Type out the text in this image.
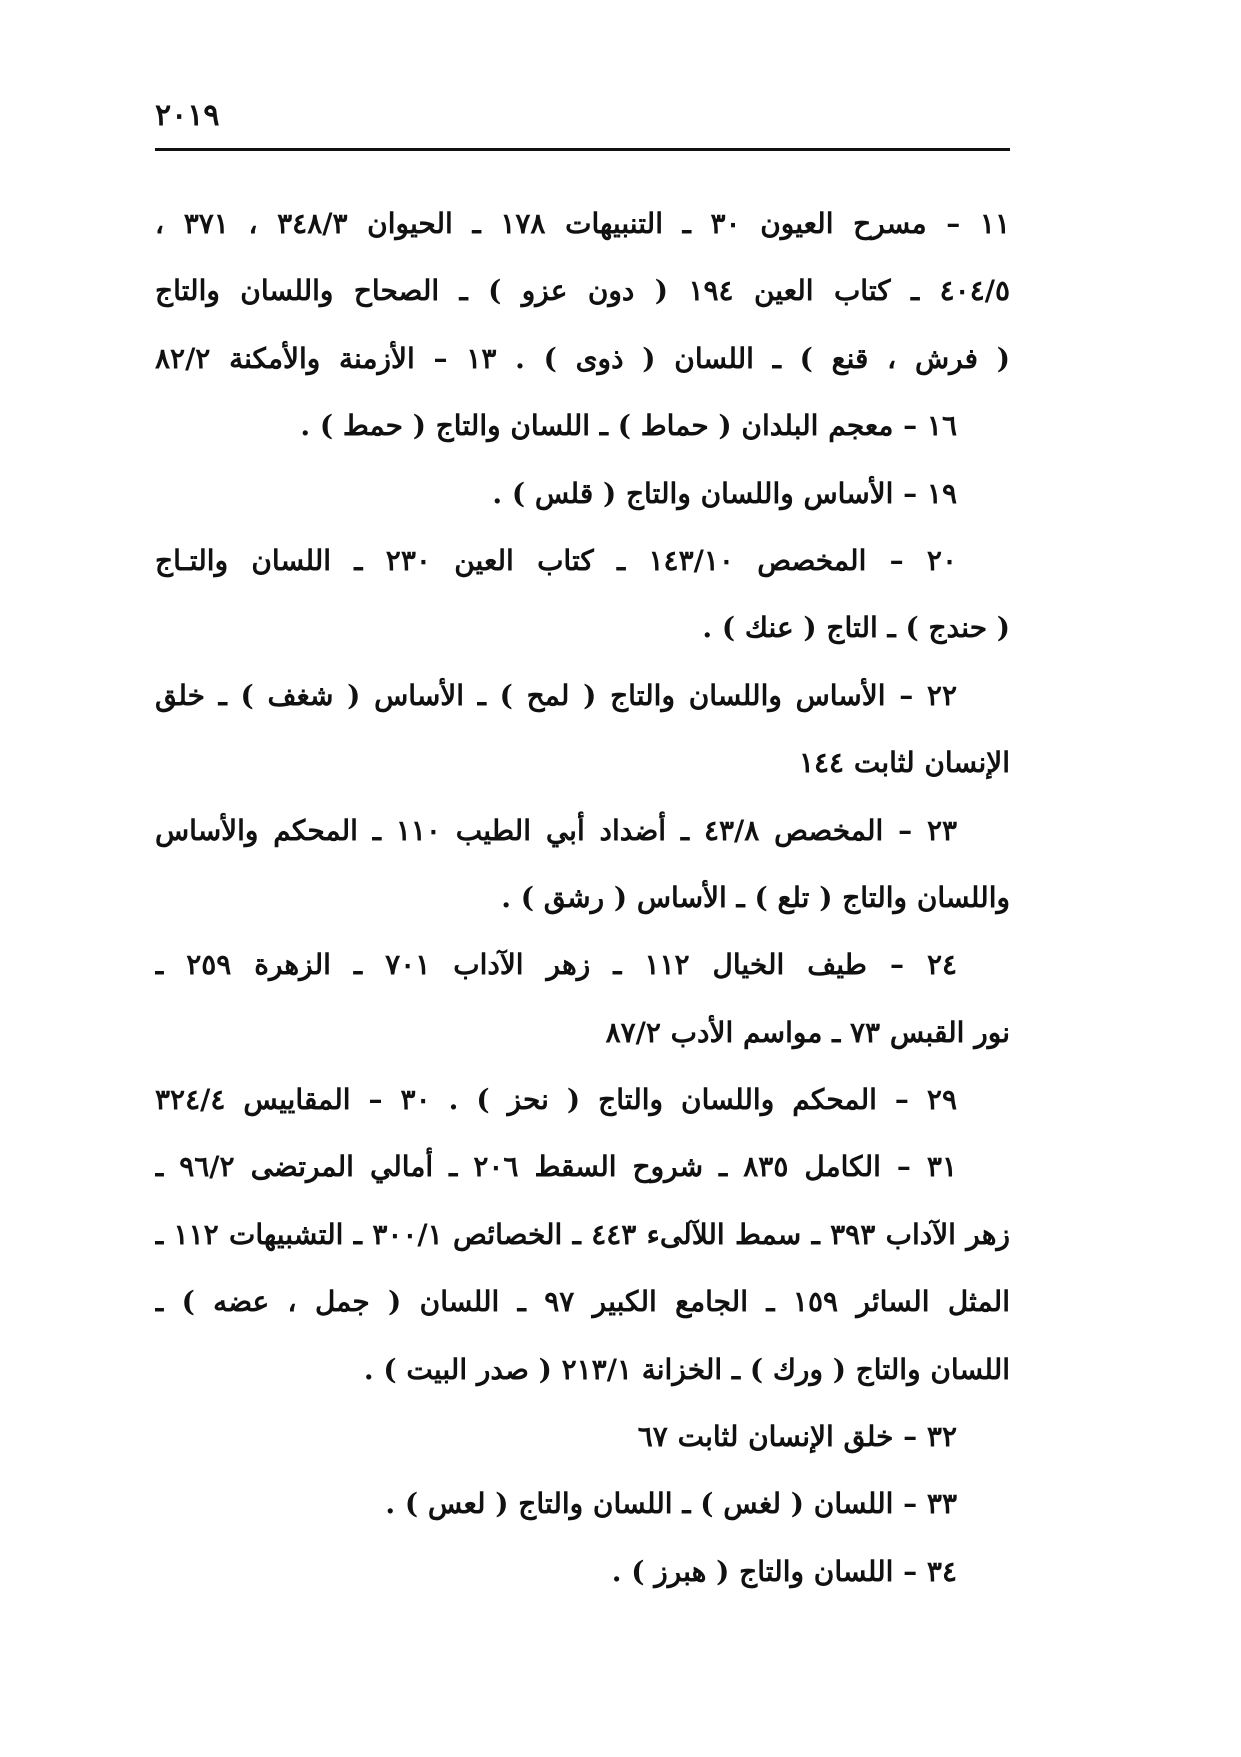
٢٠١٩
١١ – مسرح العيون ٣٠ ـ التنبيهات ١٧٨ ـ الحيوان ٣٤٨/٣ ، ٣٧١ ،
٤٠٤/٥ ـ كتاب العين ١٩٤ ( دون عزو ) ـ الصحاح واللسان والتاج
( فرش ، قنع ) ـ اللسان ( ذوى ) . ١٣ – الأزمنة والأمكنة ٨٢/٢
١٦ – معجم البلدان ( حماط ) ـ اللسان والتاج ( حمط ) .
١٩ – الأساس واللسان والتاج ( قلس ) .
٢٠ – المخصص ١٤٣/١٠ ـ كتاب العين ٢٣٠ ـ اللسان والتـاج
( حندج ) ـ التاج ( عنك ) .
٢٢ – الأساس واللسان والتاج ( لمح ) ـ الأساس ( شغف ) ـ خلق
الإنسان لثابت ١٤٤
٢٣ – المخصص ٤٣/٨ ـ أضداد أبي الطيب ١١٠ ـ المحكم والأساس
واللسان والتاج ( تلع ) ـ الأساس ( رشق ) .
٢٤ – طيف الخيال ١١٢ ـ زهر الآداب ٧٠١ ـ الزهرة ٢٥٩ ـ
نور القبس ٧٣ ـ مواسم الأدب ٨٧/٢
٢٩ – المحكم واللسان والتاج ( نحز ) . ٣٠ – المقاييس ٣٢٤/٤
٣١ – الكامل ٨٣٥ ـ شروح السقط ٢٠٦ ـ أمالي المرتضى ٩٦/٢ ـ
زهر الآداب ٣٩٣ ـ سمط اللآلىء ٤٤٣ ـ الخصائص ٣٠٠/١ ـ التشبيهات ١١٢ ـ
المثل السائر ١٥٩ ـ الجامع الكبير ٩٧ ـ اللسان ( جمل ، عضه ) ـ
اللسان والتاج ( ورك ) ـ الخزانة ٢١٣/١ ( صدر البيت ) .
٣٢ – خلق الإنسان لثابت ٦٧
٣٣ – اللسان ( لغس ) ـ اللسان والتاج ( لعس ) .
٣٤ – اللسان والتاج ( هبرز ) .
